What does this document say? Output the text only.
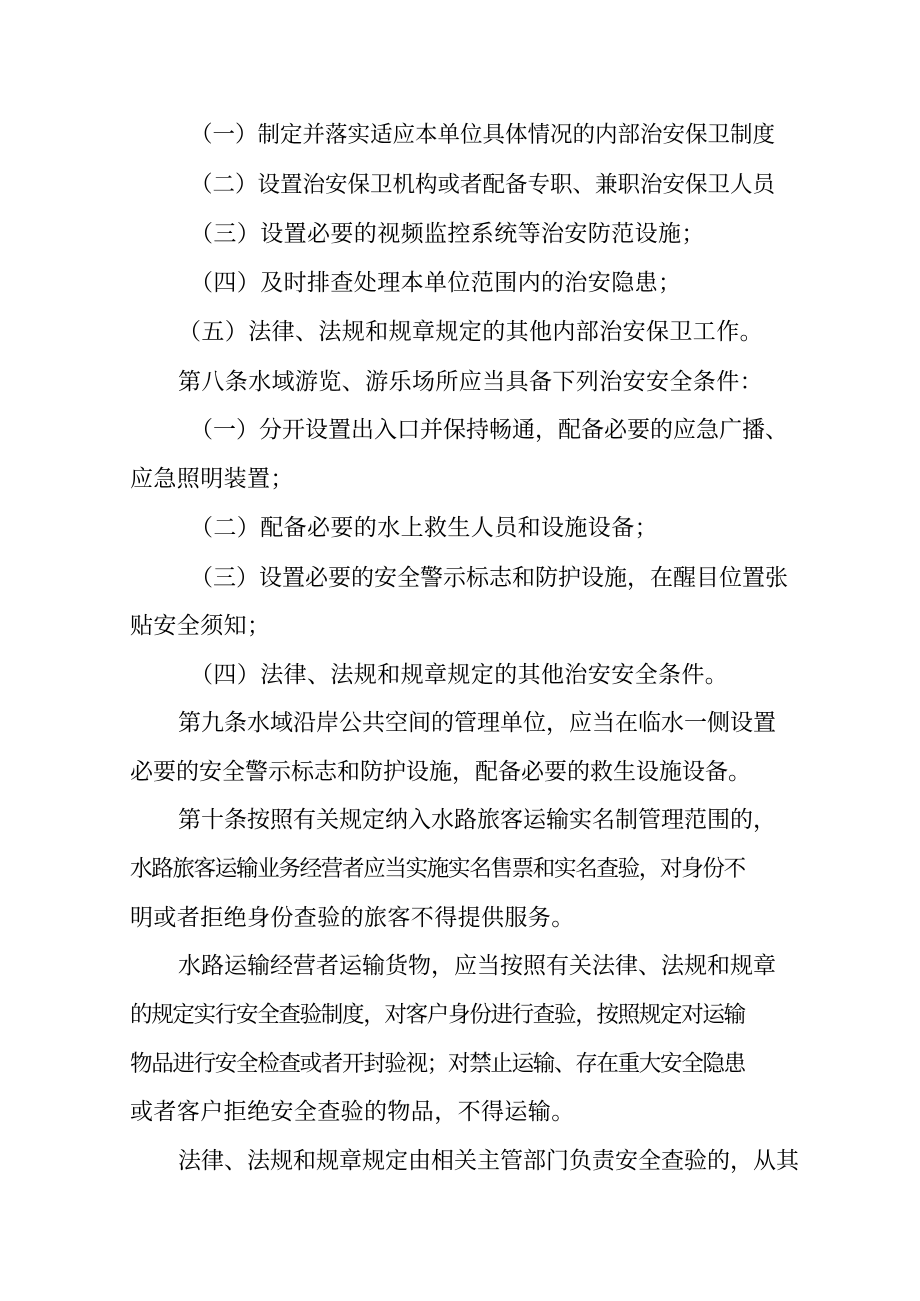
（一）制定并落实适应本单位具体情况的内部治安保卫制度
（二）设置治安保卫机构或者配备专职、兼职治安保卫人员
（三）设置必要的视频监控系统等治安防范设施；
（四）及时排查处理本单位范围内的治安隐患；
（五）法律、法规和规章规定的其他内部治安保卫工作。
第八条水域游览、游乐场所应当具备下列治安安全条件：
（一）分开设置出入口并保持畅通，配备必要的应急广播、
应急照明装置；
（二）配备必要的水上救生人员和设施设备；
（三）设置必要的安全警示标志和防护设施，在醒目位置张
贴安全须知；
（四）法律、法规和规章规定的其他治安安全条件。
第九条水域沿岸公共空间的管理单位，应当在临水一侧设置
必要的安全警示标志和防护设施，配备必要的救生设施设备。
第十条按照有关规定纳入水路旅客运输实名制管理范围的，
水路旅客运输业务经营者应当实施实名售票和实名查验，对身份不
明或者拒绝身份查验的旅客不得提供服务。
水路运输经营者运输货物，应当按照有关法律、法规和规章
的规定实行安全查验制度，对客户身份进行查验，按照规定对运输
物品进行安全检查或者开封验视；对禁止运输、存在重大安全隐患
或者客户拒绝安全查验的物品，不得运输。
法律、法规和规章规定由相关主管部门负责安全查验的，从其
